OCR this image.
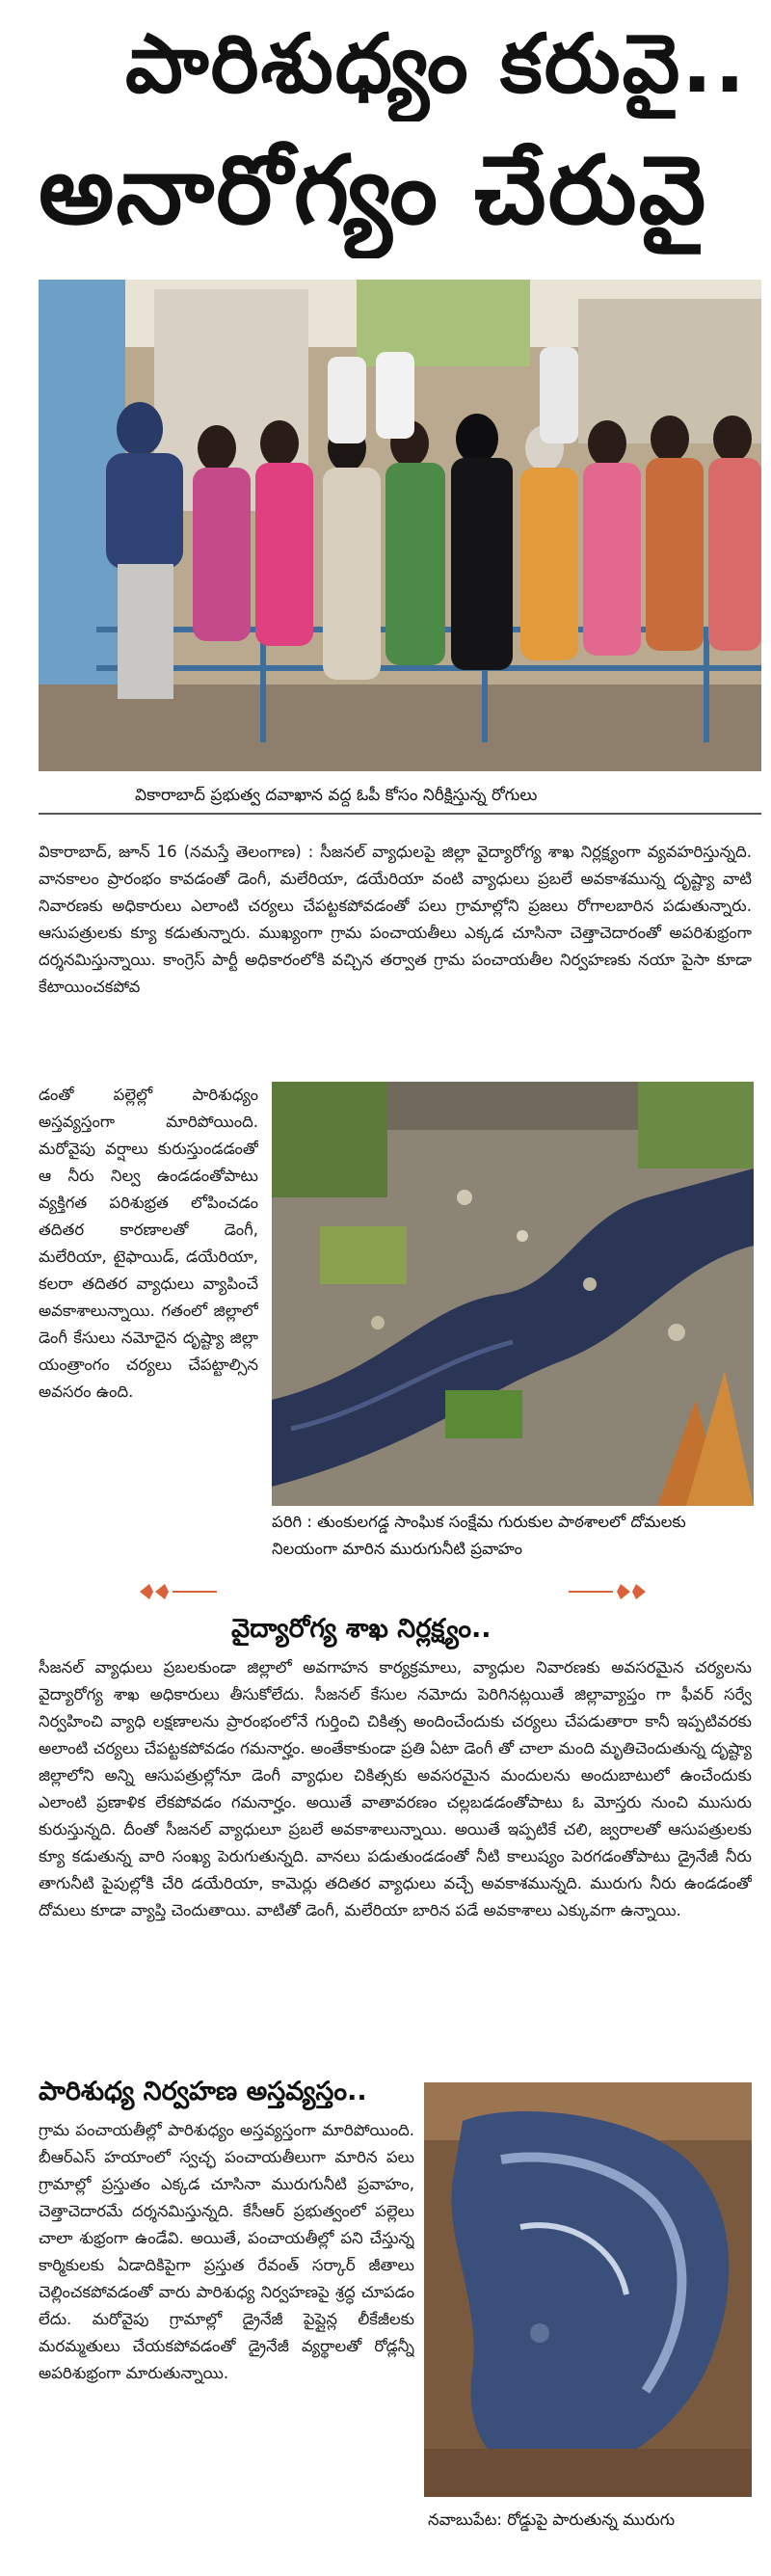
పారిశుధ్యం కరువై..
అనారోగ్యం చేరువై
వికారాబాద్ ప్రభుత్వ దవాఖాన వద్ద ఓపీ కోసం నిరీక్షిస్తున్న రోగులు
వికారాబాద్, జూన్ 16 (నమస్తే తెలంగాణ) : సీజనల్ వ్యాధులపై జిల్లా వైద్యారోగ్య శాఖ నిర్లక్ష్యంగా వ్యవహరిస్తున్నది. వానకాలం ప్రారంభం కావడంతో డెంగీ, మలేరియా, డయేరియా వంటి వ్యాధులు ప్రబలే అవకాశమున్న దృష్ట్యా వాటి నివారణకు అధికారులు ఎలాంటి చర్యలు చేపట్టకపోవడంతో పలు గ్రామాల్లోని ప్రజలు రోగాలబారిన పడుతున్నారు. ఆసుపత్రులకు క్యూ కడుతున్నారు. ముఖ్యంగా గ్రామ పంచాయతీలు ఎక్కడ చూసినా చెత్తాచెదారంతో అపరిశుభ్రంగా దర్శనమిస్తున్నాయి. కాంగ్రెస్ పార్టీ అధికారంలోకి వచ్చిన తర్వాత గ్రామ పంచాయతీల నిర్వహణకు నయా పైసా కూడా కేటాయించకపోవ
డంతో పల్లెల్లో పారిశుధ్యం అస్తవ్యస్తంగా మారిపోయింది. మరోవైపు వర్షాలు కురుస్తుండడంతో ఆ నీరు నిల్వ ఉండడంతోపాటు వ్యక్తిగత పరిశుభ్రత లోపించడం తదితర కారణాలతో డెంగీ, మలేరియా, టైఫాయిడ్, డయేరియా, కలరా తదితర వ్యాధులు వ్యాపించే అవకాశాలున్నాయి. గతంలో జిల్లాలో డెంగీ కేసులు నమోదైన దృష్ట్యా జిల్లా యంత్రాంగం చర్యలు చేపట్టాల్సిన అవసరం ఉంది.
పరిగి : తుంకులగడ్డ సాంఘిక సంక్షేమ గురుకుల పాఠశాలలో దోమలకు నిలయంగా మారిన మురుగునీటి ప్రవాహం
వైద్యారోగ్య శాఖ నిర్లక్ష్యం..
సీజనల్ వ్యాధులు ప్రబలకుండా జిల్లాలో అవగాహన కార్యక్రమాలు, వ్యాధుల నివారణకు అవసరమైన చర్యలను వైద్యారోగ్య శాఖ అధికారులు తీసుకోలేదు. సీజనల్ కేసుల నమోదు పెరిగినట్లయితే జిల్లావ్యాప్తం గా ఫీవర్ సర్వే నిర్వహించి వ్యాధి లక్షణాలను ప్రారంభంలోనే గుర్తించి చికిత్స అందించేందుకు చర్యలు చేపడుతారా కానీ ఇప్పటివరకు అలాంటి చర్యలు చేపట్టకపోవడం గమనార్హం. అంతేకాకుండా ప్రతి ఏటా డెంగీ తో చాలా మంది మృతిచెందుతున్న దృష్ట్యా జిల్లాలోని అన్ని ఆసుపత్రుల్లోనూ డెంగీ వ్యాధుల చికిత్సకు అవసరమైన మందులను అందుబాటులో ఉంచేందుకు ఎలాంటి ప్రణాళిక లేకపోవడం గమనార్హం. అయితే వాతావరణం చల్లబడడంతోపాటు ఓ మోస్తరు నుంచి ముసురు కురుస్తున్నది. దీంతో సీజనల్ వ్యాధులూ ప్రబలే అవకాశాలున్నాయి. అయితే ఇప్పటికే చలి, జ్వరాలతో ఆసుపత్రులకు క్యూ కడుతున్న వారి సంఖ్య పెరుగుతున్నది. వానలు పడుతుండడంతో నీటి కాలుష్యం పెరగడంతోపాటు డ్రైనేజీ నీరు తాగునీటి పైపుల్లోకి చేరి డయేరియా, కామెర్లు తదితర వ్యాధులు వచ్చే అవకాశమున్నది. మురుగు నీరు ఉండడంతో దోమలు కూడా వ్యాప్తి చెందుతాయి. వాటితో డెంగీ, మలేరియా బారిన పడే అవకాశాలు ఎక్కువగా ఉన్నాయి.
పారిశుధ్య నిర్వహణ అస్తవ్యస్తం..
గ్రామ పంచాయతీల్లో పారిశుధ్యం అస్తవ్యస్తంగా మారిపోయింది. బీఆర్ఎస్ హయాంలో స్వచ్ఛ పంచాయతీలుగా మారిన పలు గ్రామాల్లో ప్రస్తుతం ఎక్కడ చూసినా మురుగునీటి ప్రవాహం, చెత్తాచెదారమే దర్శనమిస్తున్నది. కేసీఆర్ ప్రభుత్వంలో పల్లెలు చాలా శుభ్రంగా ఉండేవి. అయితే, పంచాయతీల్లో పని చేస్తున్న కార్మికులకు ఏడాదికిపైగా ప్రస్తుత రేవంత్ సర్కార్ జీతాలు చెల్లించకపోవడంతో వారు పారిశుధ్య నిర్వహణపై శ్రద్ధ చూపడం లేదు. మరోవైపు గ్రామాల్లో డ్రైనేజీ పైప్లైన్ల లీకేజీలకు మరమ్మతులు చేయకపోవడంతో డ్రైనేజీ వ్యర్థాలతో రోడ్లన్నీ అపరిశుభ్రంగా మారుతున్నాయి.
నవాబుపేట: రోడ్డుపై పారుతున్న మురుగు
